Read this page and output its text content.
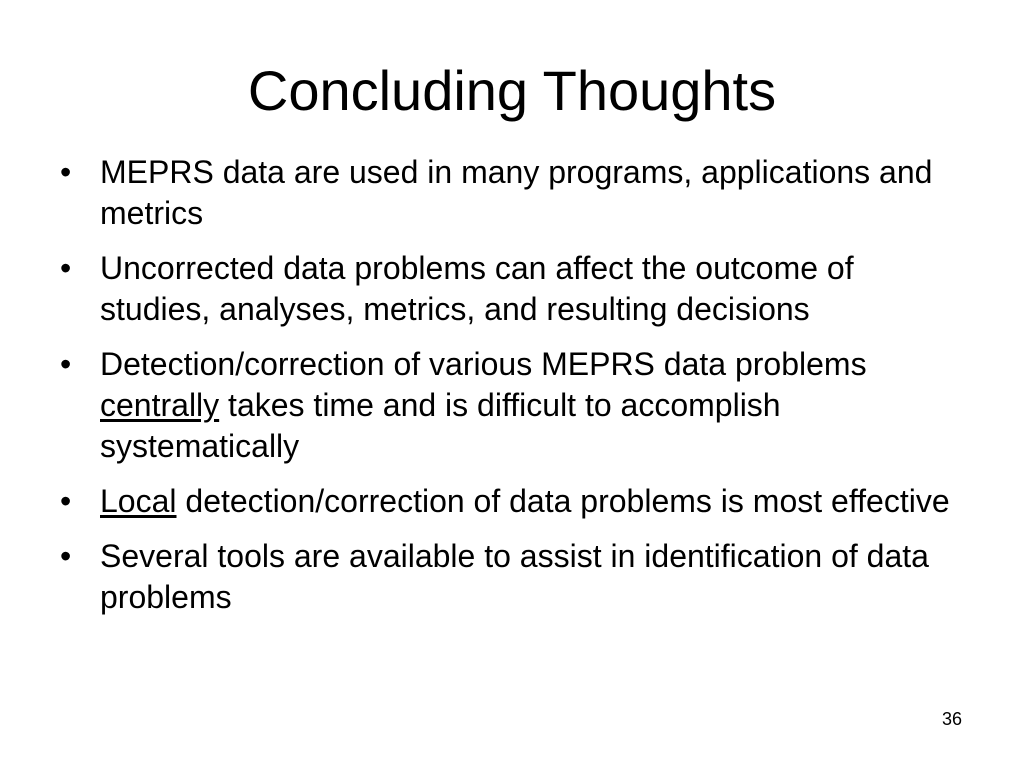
Concluding Thoughts
• MEPRS data are used in many programs, applications and metrics
• Uncorrected data problems can affect the outcome of studies, analyses, metrics, and resulting decisions
• Detection/correction of various MEPRS data problems centrally takes time and is difficult to accomplish systematically
• Local detection/correction of data problems is most effective
• Several tools are available to assist in identification of data problems
36
